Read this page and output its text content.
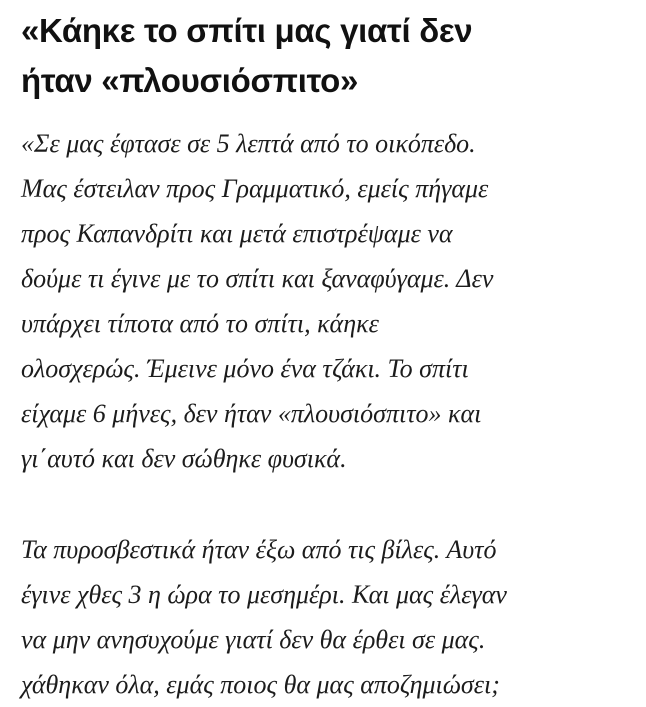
«Κάηκε το σπίτι μας γιατί δεν
ήταν «πλουσιόσπιτο»

«Σε μας έφτασε σε 5 λεπτά από το οικόπεδο.
Μας έστειλαν προς Γραμματικό, εμείς πήγαμε
προς Καπανδρίτι και μετά επιστρέψαμε να
δούμε τι έγινε με το σπίτι και ξαναφύγαμε. Δεν
υπάρχει τίποτα από το σπίτι, κάηκε
ολοσχερώς. Έμεινε μόνο ένα τζάκι. Το σπίτι
είχαμε 6 μήνες, δεν ήταν «πλουσιόσπιτο» και
γι΄αυτό και δεν σώθηκε φυσικά.

Τα πυροσβεστικά ήταν έξω από τις βίλες. Αυτό
έγινε χθες 3 η ώρα το μεσημέρι. Και μας έλεγαν
να μην ανησυχούμε γιατί δεν θα έρθει σε μας.
χάθηκαν όλα, εμάς ποιος θα μας αποζημιώσει;
